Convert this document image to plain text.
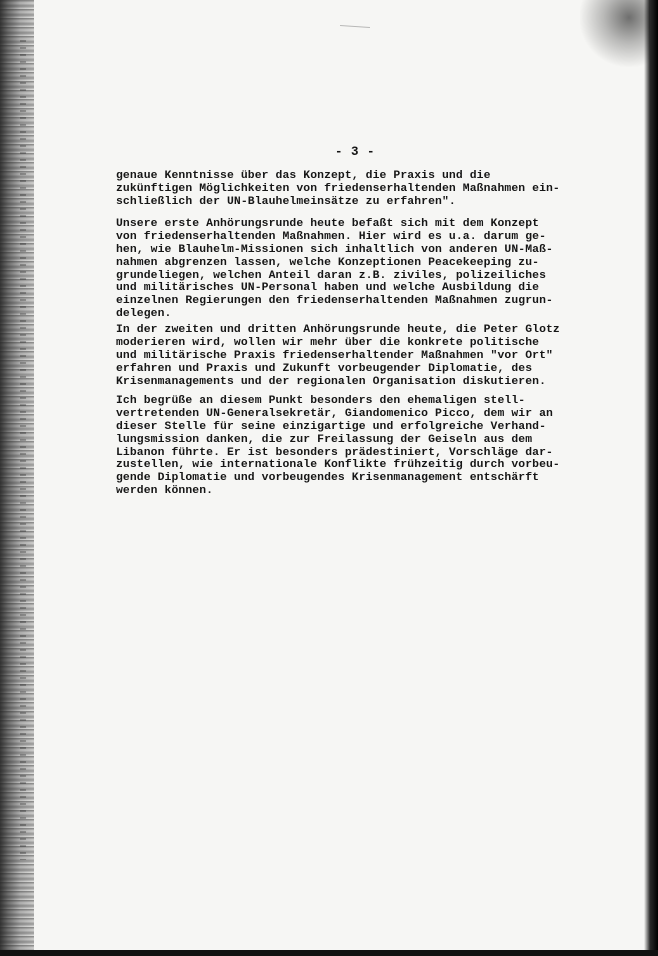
- 3 -
genaue Kenntnisse über das Konzept, die Praxis und die
zukünftigen Möglichkeiten von friedenserhaltenden Maßnahmen ein-
schließlich der UN-Blauhelmeinsätze zu erfahren".
Unsere erste Anhörungsrunde heute befaßt sich mit dem Konzept
von friedenserhaltenden Maßnahmen. Hier wird es u.a. darum ge-
hen, wie Blauhelm-Missionen sich inhaltlich von anderen UN-Maß-
nahmen abgrenzen lassen, welche Konzeptionen Peacekeeping zu-
grundeliegen, welchen Anteil daran z.B. ziviles, polizeiliches
und militärisches UN-Personal haben und welche Ausbildung die
einzelnen Regierungen den friedenserhaltenden Maßnahmen zugrun-
delegen.
In der zweiten und dritten Anhörungsrunde heute, die Peter Glotz
moderieren wird, wollen wir mehr über die konkrete politische
und militärische Praxis friedenserhaltender Maßnahmen "vor Ort"
erfahren und Praxis und Zukunft vorbeugender Diplomatie, des
Krisenmanagements und der regionalen Organisation diskutieren.
Ich begrüße an diesem Punkt besonders den ehemaligen stell-
vertretenden UN-Generalsekretär, Giandomenico Picco, dem wir an
dieser Stelle für seine einzigartige und erfolgreiche Verhand-
lungsmission danken, die zur Freilassung der Geiseln aus dem
Libanon führte. Er ist besonders prädestiniert, Vorschläge dar-
zustellen, wie internationale Konflikte frühzeitig durch vorbeu-
gende Diplomatie und vorbeugendes Krisenmanagement entschärft
werden können.
